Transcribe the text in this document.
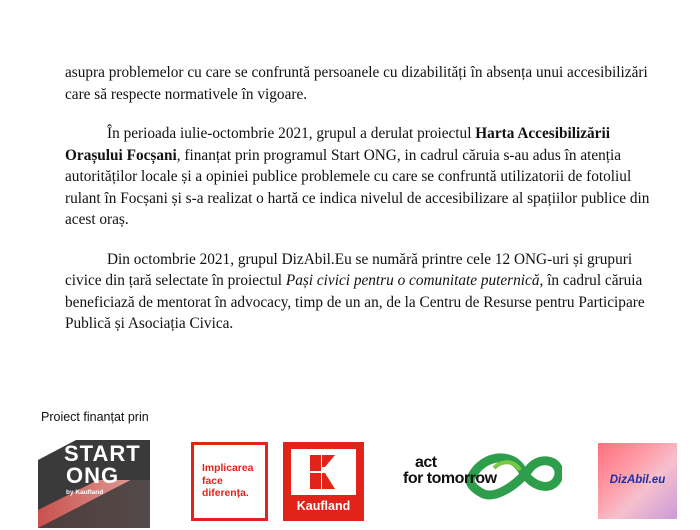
asupra problemelor cu care se confruntă persoanele cu dizabilități în absența unui accesibilizări care să respecte normativele în vigoare.

În perioada iulie-octombrie 2021, grupul a derulat proiectul Harta Accesibilizării Orașului Focșani, finanțat prin programul Start ONG, in cadrul căruia s-au adus în atenția autorităților locale și a opiniei publice problemele cu care se confruntă utilizatorii de fotoliul rulant în Focșani și s-a realizat o hartă ce indica nivelul de accesibilizare al spațiilor publice din acest oraș.

Din octombrie 2021, grupul DizAbil.Eu se numără printre cele 12 ONG-uri și grupuri civice din țară selectate în proiectul Pași civici pentru o comunitate puternică, în cadrul căruia beneficiază de mentorat în advocacy, timp de un an, de la Centru de Resurse pentru Participare Publică și Asociația Civica.

Proiect finanțat prin
START
ONG
by Kaufland
Implicarea
face
diferența.
Kaufland
act
for tomorrow	DizAbil.eu
